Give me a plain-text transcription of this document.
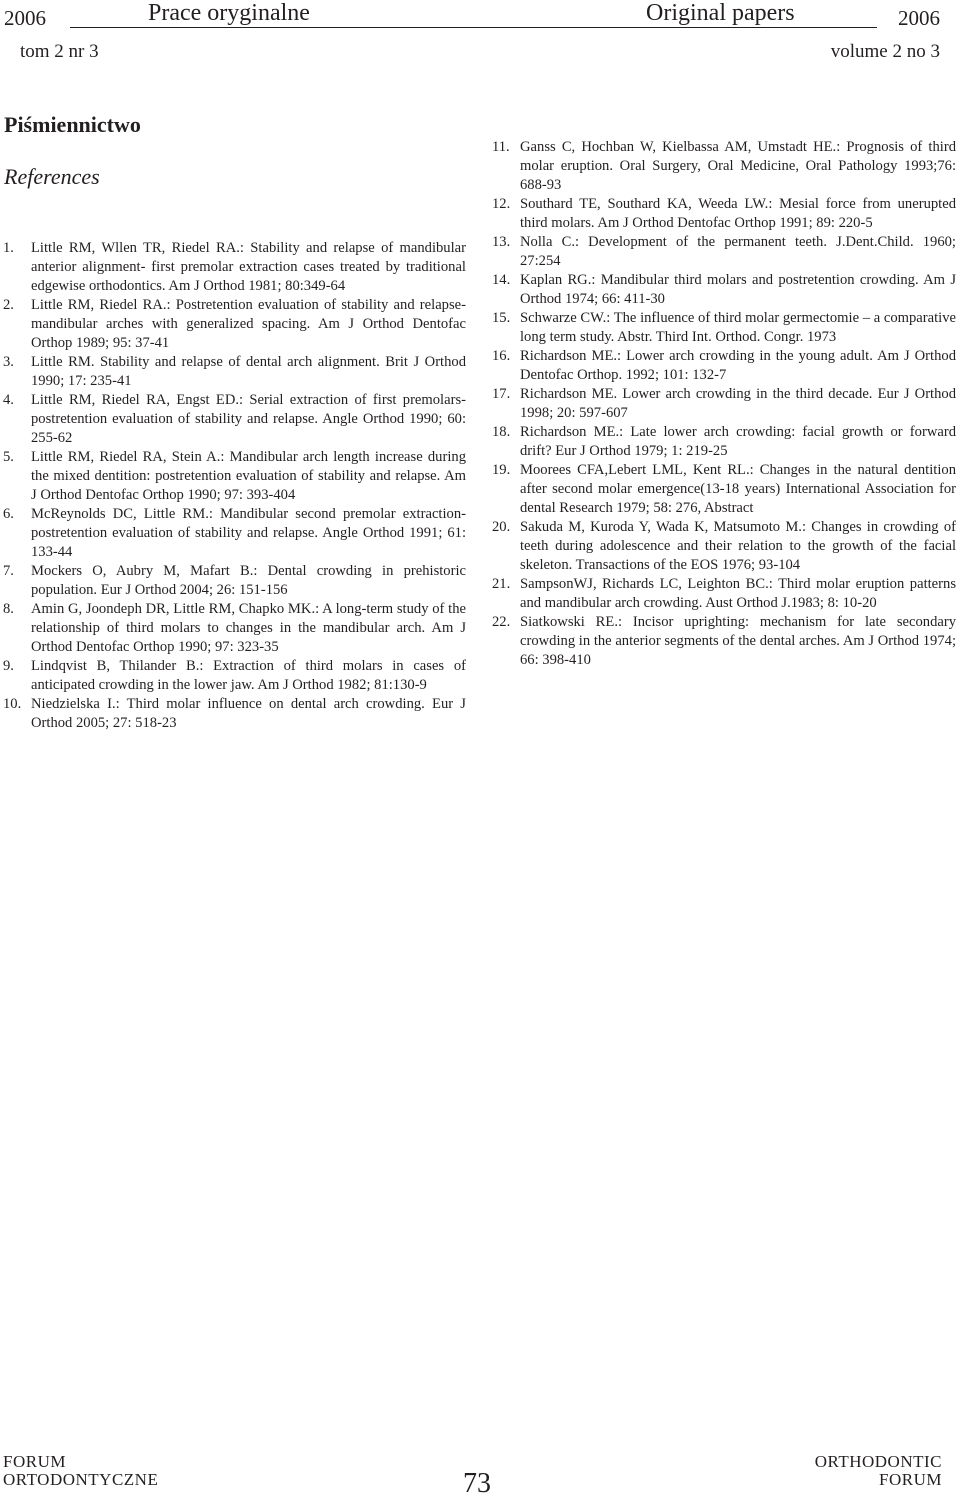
2006	Prace oryginalne	Original papers	2006
tom 2 nr 3	volume 2 no 3
Piśmiennictwo
References
1. Little RM, Wllen TR, Riedel RA.: Stability and relapse of mandibular anterior alignment- first premolar extraction cases treated by traditional edgewise orthodontics. Am J Orthod 1981; 80:349-64
2. Little RM, Riedel RA.: Postretention evaluation of stability and relapse-mandibular arches with generalized spacing. Am J Orthod Dentofac Orthop 1989; 95: 37-41
3. Little RM. Stability and relapse of dental arch alignment. Brit J Orthod 1990; 17: 235-41
4. Little RM, Riedel RA, Engst ED.: Serial extraction of first premolars-postretention evaluation of stability and relapse. Angle Orthod 1990; 60: 255-62
5. Little RM, Riedel RA, Stein A.: Mandibular arch length increase during the mixed dentition: postretention evaluation of stability and relapse. Am J Orthod Dentofac Orthop 1990; 97: 393-404
6. McReynolds DC, Little RM.: Mandibular second premolar extraction-postretention evaluation of stability and relapse. Angle Orthod 1991; 61: 133-44
7. Mockers O, Aubry M, Mafart B.: Dental crowding in prehistoric population. Eur J Orthod 2004; 26: 151-156
8. Amin G, Joondeph DR, Little RM, Chapko MK.: A long-term study of the relationship of third molars to changes in the mandibular arch. Am J Orthod Dentofac Orthop 1990; 97: 323-35
9. Lindqvist B, Thilander B.: Extraction of third molars in cases of anticipated crowding in the lower jaw. Am J Orthod 1982; 81:130-9
10. Niedzielska I.: Third molar influence on dental arch crowding. Eur J Orthod 2005; 27: 518-23
11. Ganss C, Hochban W, Kielbassa AM, Umstadt HE.: Prognosis of third molar eruption. Oral Surgery, Oral Medicine, Oral Pathology 1993;76: 688-93
12. Southard TE, Southard KA, Weeda LW.: Mesial force from unerupted third molars. Am J Orthod Dentofac Orthop 1991; 89: 220-5
13. Nolla C.: Development of the permanent teeth. J.Dent.Child. 1960; 27:254
14. Kaplan RG.: Mandibular third molars and postretention crowding. Am J Orthod 1974; 66: 411-30
15. Schwarze CW.: The influence of third molar germectomie – a comparative long term study. Abstr. Third Int. Orthod. Congr. 1973
16. Richardson ME.: Lower arch crowding in the young adult. Am J Orthod Dentofac Orthop. 1992; 101: 132-7
17. Richardson ME. Lower arch crowding in the third decade. Eur J Orthod 1998; 20: 597-607
18. Richardson ME.: Late lower arch crowding: facial growth or forward drift? Eur J Orthod 1979; 1: 219-25
19. Moorees CFA,Lebert LML, Kent RL.: Changes in the natural dentition after second molar emergence(13-18 years) International Association for dental Research 1979; 58: 276, Abstract
20. Sakuda M, Kuroda Y, Wada K, Matsumoto M.: Changes in crowding of teeth during adolescence and their relation to the growth of the facial skeleton. Transactions of the EOS 1976; 93-104
21. SampsonWJ, Richards LC, Leighton BC.: Third molar eruption patterns and mandibular arch crowding. Aust Orthod J.1983; 8: 10-20
22. Siatkowski RE.: Incisor uprighting: mechanism for late secondary crowding in the anterior segments of the dental arches. Am J Orthod 1974; 66: 398-410
FORUM
ORTODONTYCZNE	73
ORTHODONTIC
FORUM
